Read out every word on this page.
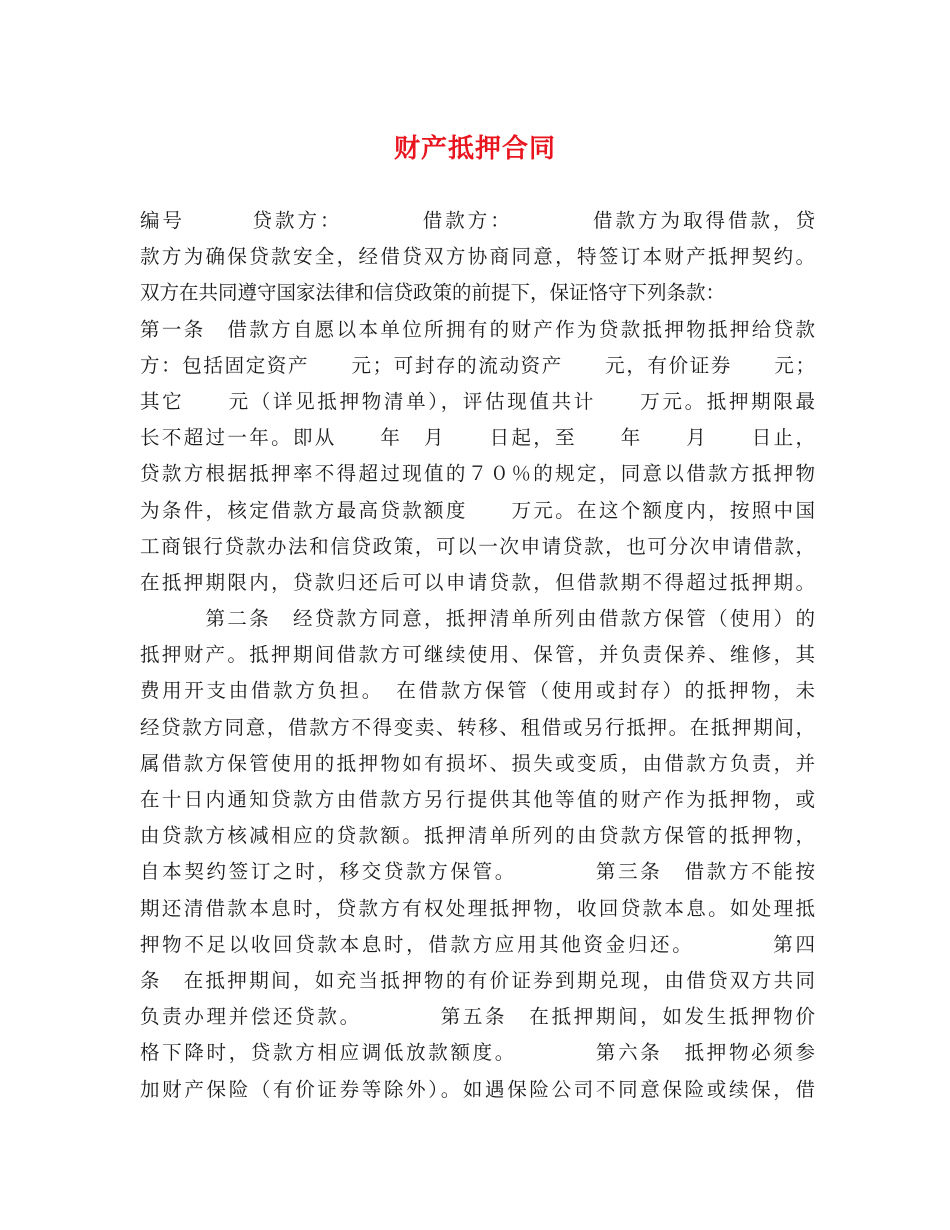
财产抵押合同

编号　　　贷款方：　　　　借款方：　　　　借款方为取得借款，贷

款方为确保贷款安全，经借贷双方协商同意，特签订本财产抵押契约。

双方在共同遵守国家法律和信贷政策的前提下，保证恪守下列条款：

第一条　借款方自愿以本单位所拥有的财产作为贷款抵押物抵押给贷款

方：包括固定资产　　元；可封存的流动资产　　元，有价证券　　元；

其它　　元（详见抵押物清单），评估现值共计　　万元。抵押期限最

长不超过一年。即从　　年　月　　日起，至　　年　　月　　日止，

贷款方根据抵押率不得超过现值的７０％的规定，同意以借款方抵押物

为条件，核定借款方最高贷款额度　　万元。在这个额度内，按照中国

工商银行贷款办法和信贷政策，可以一次申请贷款，也可分次申请借款，

在抵押期限内，贷款归还后可以申请贷款，但借款期不得超过抵押期。

　　　第二条　经贷款方同意，抵押清单所列由借款方保管（使用）的

抵押财产。抵押期间借款方可继续使用、保管，并负责保养、维修，其

费用开支由借款方负担。　在借款方保管（使用或封存）的抵押物，未

经贷款方同意，借款方不得变卖、转移、租借或另行抵押。在抵押期间，

属借款方保管使用的抵押物如有损坏、损失或变质，由借款方负责，并

在十日内通知贷款方由借款方另行提供其他等值的财产作为抵押物，或

由贷款方核减相应的贷款额。抵押清单所列的由贷款方保管的抵押物，

自本契约签订之时，移交贷款方保管。　　　　第三条　借款方不能按

期还清借款本息时，贷款方有权处理抵押物，收回贷款本息。如处理抵

押物不足以收回贷款本息时，借款方应用其他资金归还。　　　　第四

条　在抵押期间，如充当抵押物的有价证券到期兑现，由借贷双方共同

负责办理并偿还贷款。　　　　第五条　在抵押期间，如发生抵押物价

格下降时，贷款方相应调低放款额度。　　　　第六条　抵押物必须参

加财产保险（有价证券等除外）。如遇保险公司不同意保险或续保，借
